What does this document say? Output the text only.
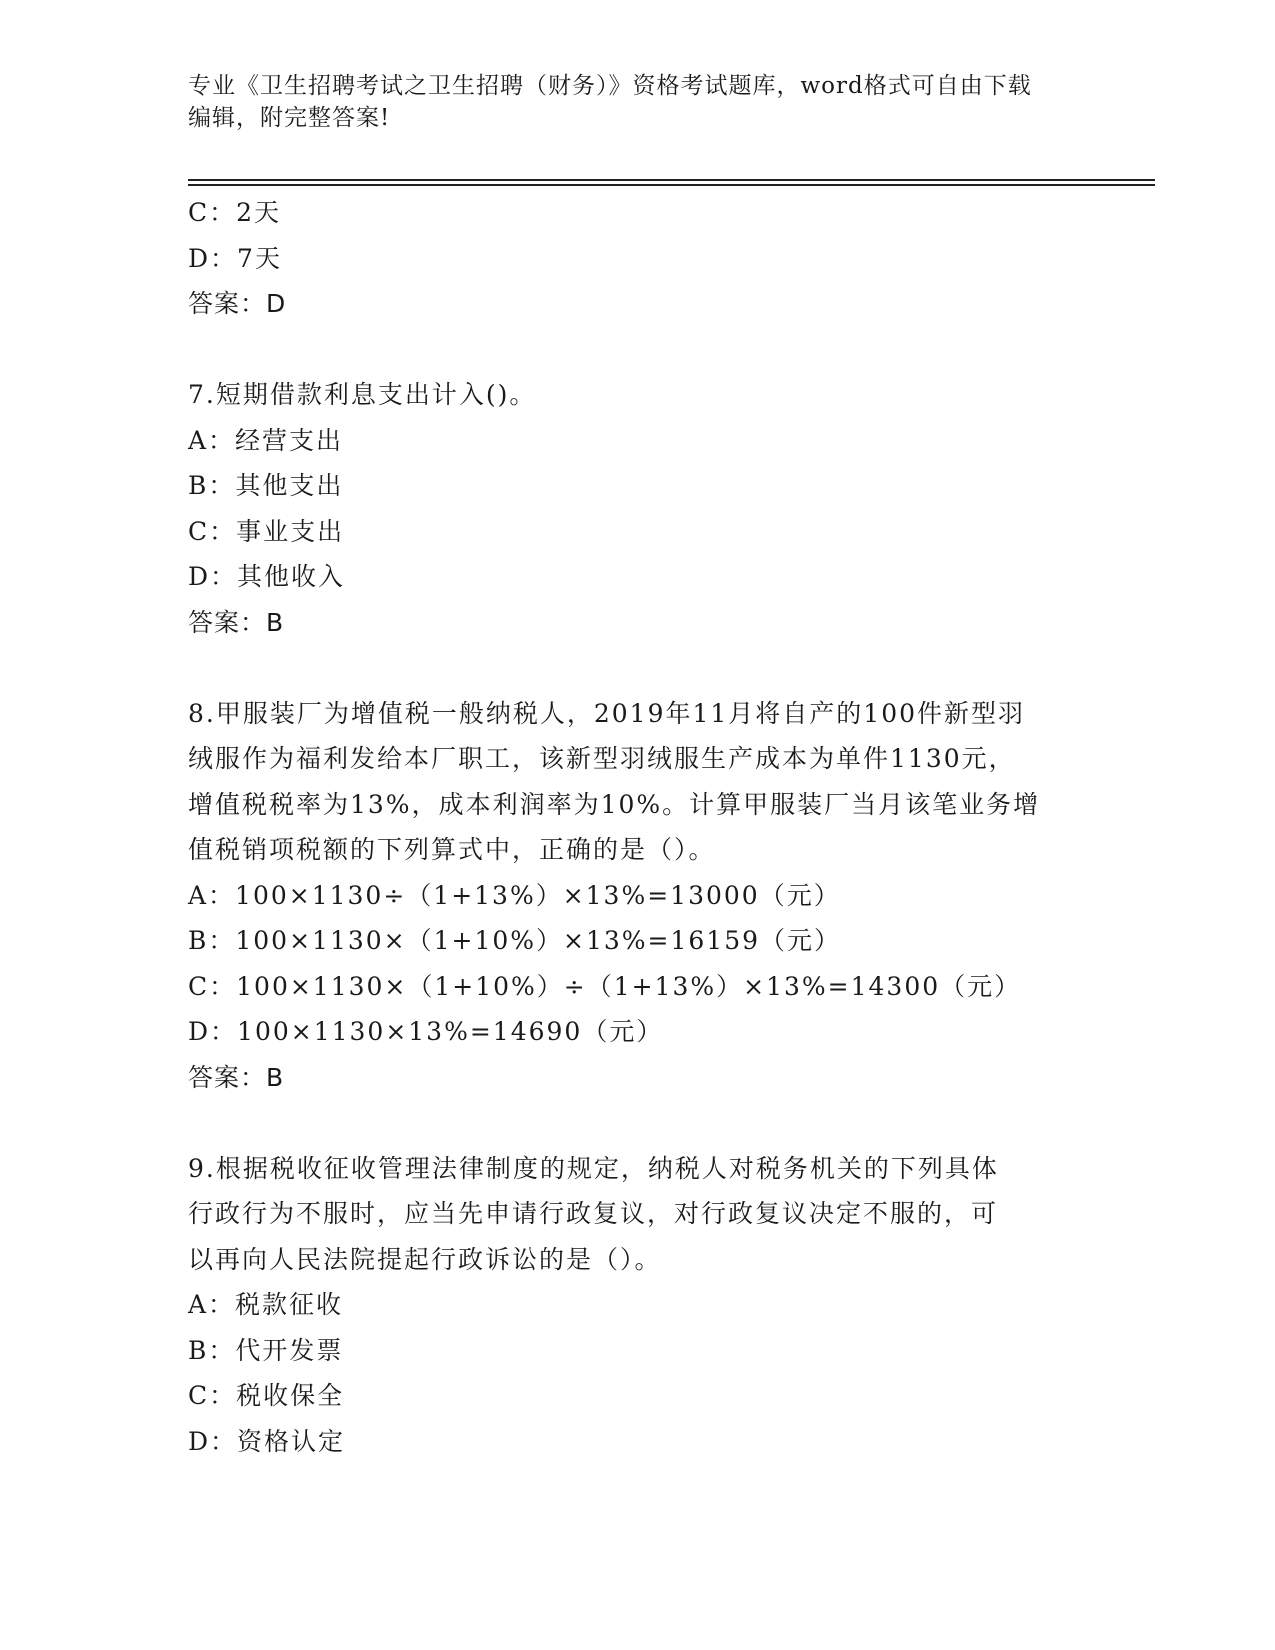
专业《卫生招聘考试之卫生招聘（财务）》资格考试题库，word格式可自由下载
编辑，附完整答案!
C：2天
D：7天
答案：D
7.短期借款利息支出计入()。
A：经营支出
B：其他支出
C：事业支出
D：其他收入
答案：B
8.甲服装厂为增值税一般纳税人，2019年11月将自产的100件新型羽
绒服作为福利发给本厂职工，该新型羽绒服生产成本为单件1130元，
增值税税率为13%，成本利润率为10%。计算甲服装厂当月该笔业务增
值税销项税额的下列算式中，正确的是（）。
A：100×1130÷（1+13%）×13%=13000（元）
B：100×1130×（1+10%）×13%=16159（元）
C：100×1130×（1+10%）÷（1+13%）×13%=14300（元）
D：100×1130×13%=14690（元）
答案：B
9.根据税收征收管理法律制度的规定，纳税人对税务机关的下列具体
行政行为不服时，应当先申请行政复议，对行政复议决定不服的，可
以再向人民法院提起行政诉讼的是（）。
A：税款征收
B：代开发票
C：税收保全
D：资格认定
